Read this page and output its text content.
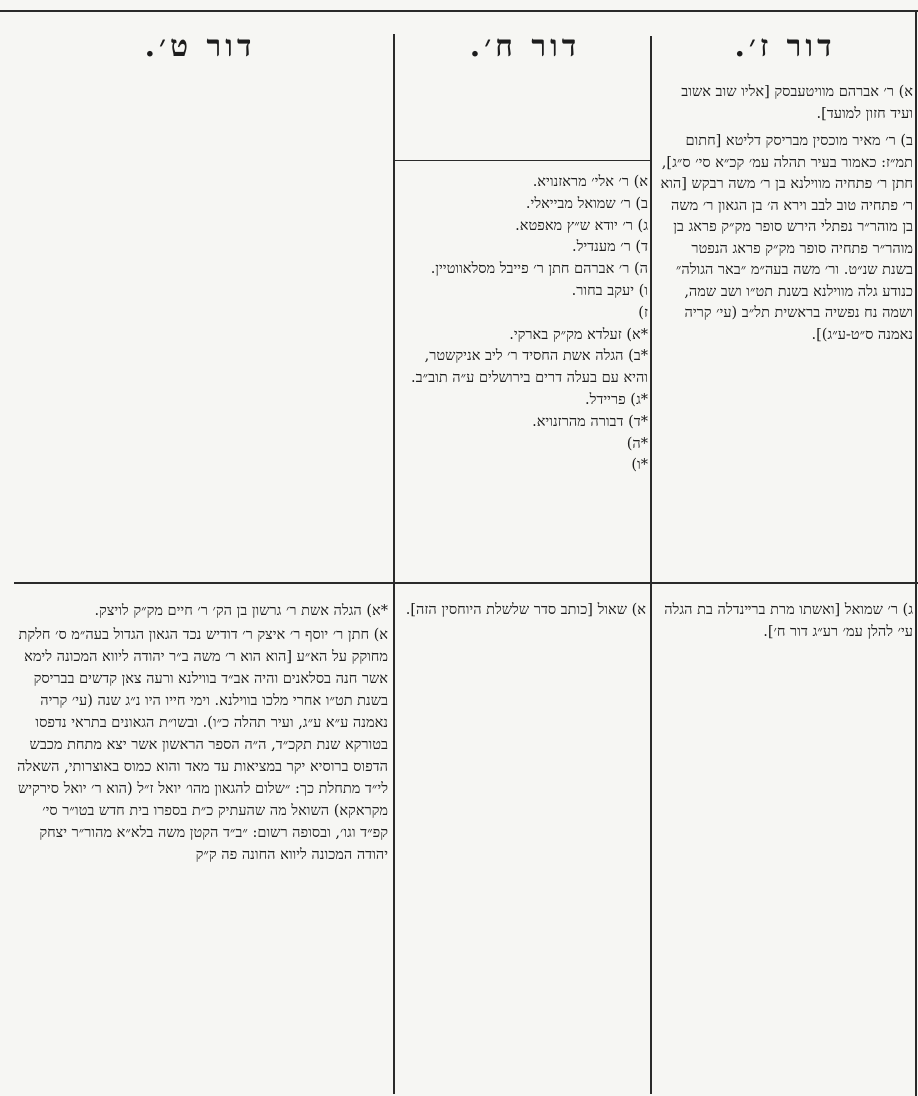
דור ז׳.
דור ח׳.
דור ט׳.

א) ר׳ אברהם מוויטעבסק [אליו שוב אשוב ועיד חזון למועד].

ב) ר׳ מאיר מוכסין מבריסק דליטא [חתום תמ״ז: כאמור בעיר תהלה עמ׳ קכ״א סי׳ ס״ג], חתן ר׳ פתחיה מווילנא בן ר׳ משה רבקש [הוא ר׳ פתחיה טוב לבב וירא ה׳ בן הגאון ר׳ משה בן מוהר״ר נפתלי הירש סופר מק״ק פראג בן מוהר״ר פתחיה סופר מק״ק פראג הנפטר בשנת שנ״ט. ור׳ משה בעה״מ ״באר הגולה״ כנודע גלה מווילנא בשנת תט״ו ושב שמה, ושמה נח נפשיה בראשית תל״ב (עי׳ קריה נאמנה ס״ט-ע״ג)].

א) ר׳ אלי׳ מראזנויא.
ב) ר׳ שמואל מבייאלי.
ג) ר׳ יודא ש״ץ מאפטא.
ד) ר׳ מענדיל.
ה) ר׳ אברהם חתן ר׳ פייבל מסלאווטיין.
ו) יעקב בחור.
ז)
*א) זעלדא מק״ק בארקי.
*ב) הגלה אשת החסיד ר׳ ליב אניקשטר, והיא עם בעלה דרים בירושלים ע״ה תוב״ב.
*ג) פריידל.
*ד) דבורה מהרזנויא.
*ה)
*ו)

ג) ר׳ שמואל [ואשתו מרת ברײנדלה בת הגלה עי׳ להלן עמ׳ רע״ג דור ח׳].

א) שאול [כותב סדר שלשלת היוחסין הזה].

*א) הגלה אשת ר׳ גרשון בן הק׳ ר׳ חיים מק״ק לויצק.

א) חתן ר׳ יוסף ר׳ איצק ר׳ דודיש נכד הגאון הגדול בעה״מ ס׳ חלקת מחוקק על הא״ע [הוא הוא ר׳ משה ב״ר יהודה ליווא המכונה לימא אשר חנה בסלאנים והיה אב״ד בווילנא ורעה צאן קדשים בבריסק בשנת תט״ו אחרי מלכו בווילנא. וימי חייו היו נ״ג שנה (עי׳ קריה נאמנה ע״א ע״ג, ועיר תהלה כ״ו). ובשו״ת הגאונים בתראי נדפסו בטורקא שנת תקכ״ד, ה״ה הספר הראשון אשר יצא מתחת מכבש הדפוס ברוסיא יקר במציאות עד מאד והוא כמוס באוצרותי, השאלה לי״ד מתחלת כך: ״שלום להגאון מהו׳ יואל ז״ל (הוא ר׳ יואל סירקיש מקראקא) השואל מה שהעתיק כ״ת בספרו בית חדש בטו״ר סי׳ קפ״ד וגו׳, ובסופה רשום: ״ב״ד הקטן משה בלא״א מהור״ר יצחק יהודה המכונה ליווא החונה פה ק״ק
